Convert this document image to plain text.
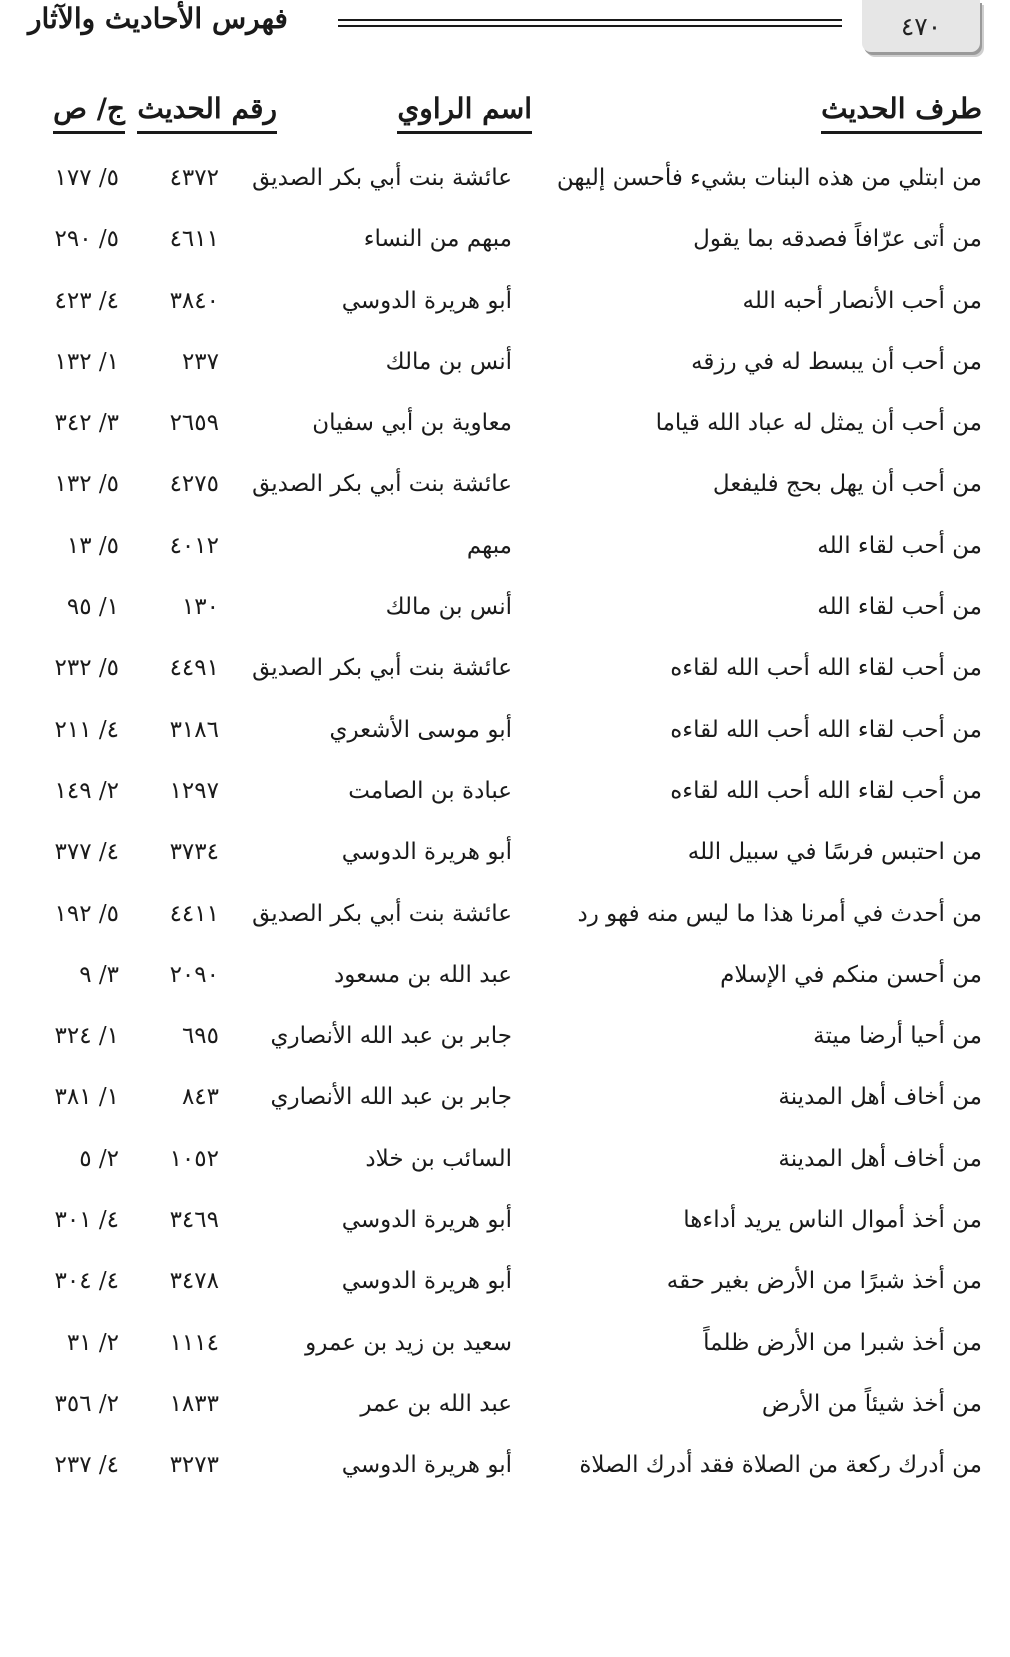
٤٧٠
فهرس الأحاديث والآثار
طرف الحديث
اسم الراوي
رقم الحديث
ج/ ص
من ابتلي من هذه البنات بشيء فأحسن إليهن
عائشة بنت أبي بكر الصديق
٤٣٧٢
٥/ ١٧٧
من أتى عرّافاً فصدقه بما يقول
مبهم من النساء
٤٦١١
٥/ ٢٩٠
من أحب الأنصار أحبه الله
أبو هريرة الدوسي
٣٨٤٠
٤/ ٤٢٣
من أحب أن يبسط له في رزقه
أنس بن مالك
٢٣٧
١/ ١٣٢
من أحب أن يمثل له عباد الله قياما
معاوية بن أبي سفيان
٢٦٥٩
٣/ ٣٤٢
من أحب أن يهل بحج فليفعل
عائشة بنت أبي بكر الصديق
٤٢٧٥
٥/ ١٣٢
من أحب لقاء الله
مبهم
٤٠١٢
٥/ ١٣
من أحب لقاء الله
أنس بن مالك
١٣٠
١/ ٩٥
من أحب لقاء الله أحب الله لقاءه
عائشة بنت أبي بكر الصديق
٤٤٩١
٥/ ٢٣٢
من أحب لقاء الله أحب الله لقاءه
أبو موسى الأشعري
٣١٨٦
٤/ ٢١١
من أحب لقاء الله أحب الله لقاءه
عبادة بن الصامت
١٢٩٧
٢/ ١٤٩
من احتبس فرسًا في سبيل الله
أبو هريرة الدوسي
٣٧٣٤
٤/ ٣٧٧
من أحدث في أمرنا هذا ما ليس منه فهو رد
عائشة بنت أبي بكر الصديق
٤٤١١
٥/ ١٩٢
من أحسن منكم في الإسلام
عبد الله بن مسعود
٢٠٩٠
٣/ ٩
من أحيا أرضا ميتة
جابر بن عبد الله الأنصاري
٦٩٥
١/ ٣٢٤
من أخاف أهل المدينة
جابر بن عبد الله الأنصاري
٨٤٣
١/ ٣٨١
من أخاف أهل المدينة
السائب بن خلاد
١٠٥٢
٢/ ٥
من أخذ أموال الناس يريد أداءها
أبو هريرة الدوسي
٣٤٦٩
٤/ ٣٠١
من أخذ شبرًا من الأرض بغير حقه
أبو هريرة الدوسي
٣٤٧٨
٤/ ٣٠٤
من أخذ شبرا من الأرض ظلماً
سعيد بن زيد بن عمرو
١١١٤
٢/ ٣١
من أخذ شيئاً من الأرض
عبد الله بن عمر
١٨٣٣
٢/ ٣٥٦
من أدرك ركعة من الصلاة فقد أدرك الصلاة
أبو هريرة الدوسي
٣٢٧٣
٤/ ٢٣٧
